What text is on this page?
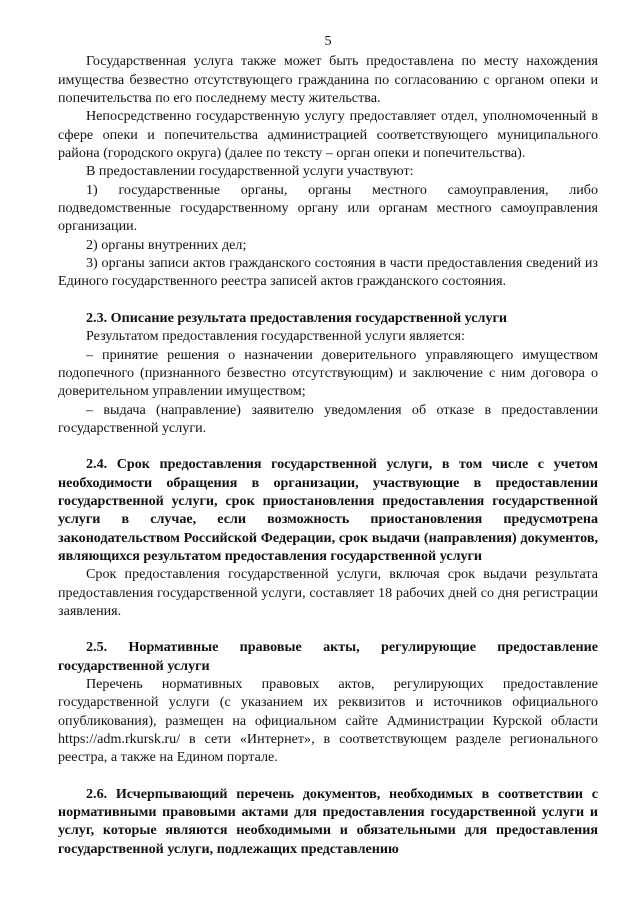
5

Государственная услуга также может быть предоставлена по месту нахождения имущества безвестно отсутствующего гражданина по согласованию с органом опеки и попечительства по его последнему месту жительства.

Непосредственно государственную услугу предоставляет отдел, уполномоченный в сфере опеки и попечительства администрацией соответствующего муниципального района (городского округа) (далее по тексту – орган опеки и попечительства).

В предоставлении государственной услуги участвуют:

1) государственные органы, органы местного самоуправления, либо подведомственные государственному органу или органам местного самоуправления организации.

2) органы внутренних дел;

3) органы записи актов гражданского состояния в части предоставления сведений из Единого государственного реестра записей актов гражданского состояния.

2.3. Описание результата предоставления государственной услуги

Результатом предоставления государственной услуги является:

– принятие решения о назначении доверительного управляющего имуществом подопечного (признанного безвестно отсутствующим) и заключение с ним договора о доверительном управлении имуществом;

– выдача (направление) заявителю уведомления об отказе в предоставлении государственной услуги.

2.4. Срок предоставления государственной услуги, в том числе с учетом необходимости обращения в организации, участвующие в предоставлении государственной услуги, срок приостановления предоставления государственной услуги в случае, если возможность приостановления предусмотрена законодательством Российской Федерации, срок выдачи (направления) документов, являющихся результатом предоставления государственной услуги

Срок предоставления государственной услуги, включая срок выдачи результата предоставления государственной услуги, составляет 18 рабочих дней со дня регистрации заявления.

2.5. Нормативные правовые акты, регулирующие предоставление государственной услуги

Перечень нормативных правовых актов, регулирующих предоставление государственной услуги (с указанием их реквизитов и источников официального опубликования), размещен на официальном сайте Администрации Курской области https://adm.rkursk.ru/ в сети «Интернет», в соответствующем разделе регионального реестра, а также на Едином портале.

2.6. Исчерпывающий перечень документов, необходимых в соответствии с нормативными правовыми актами для предоставления государственной услуги и услуг, которые являются необходимыми и обязательными для предоставления государственной услуги, подлежащих представлению
